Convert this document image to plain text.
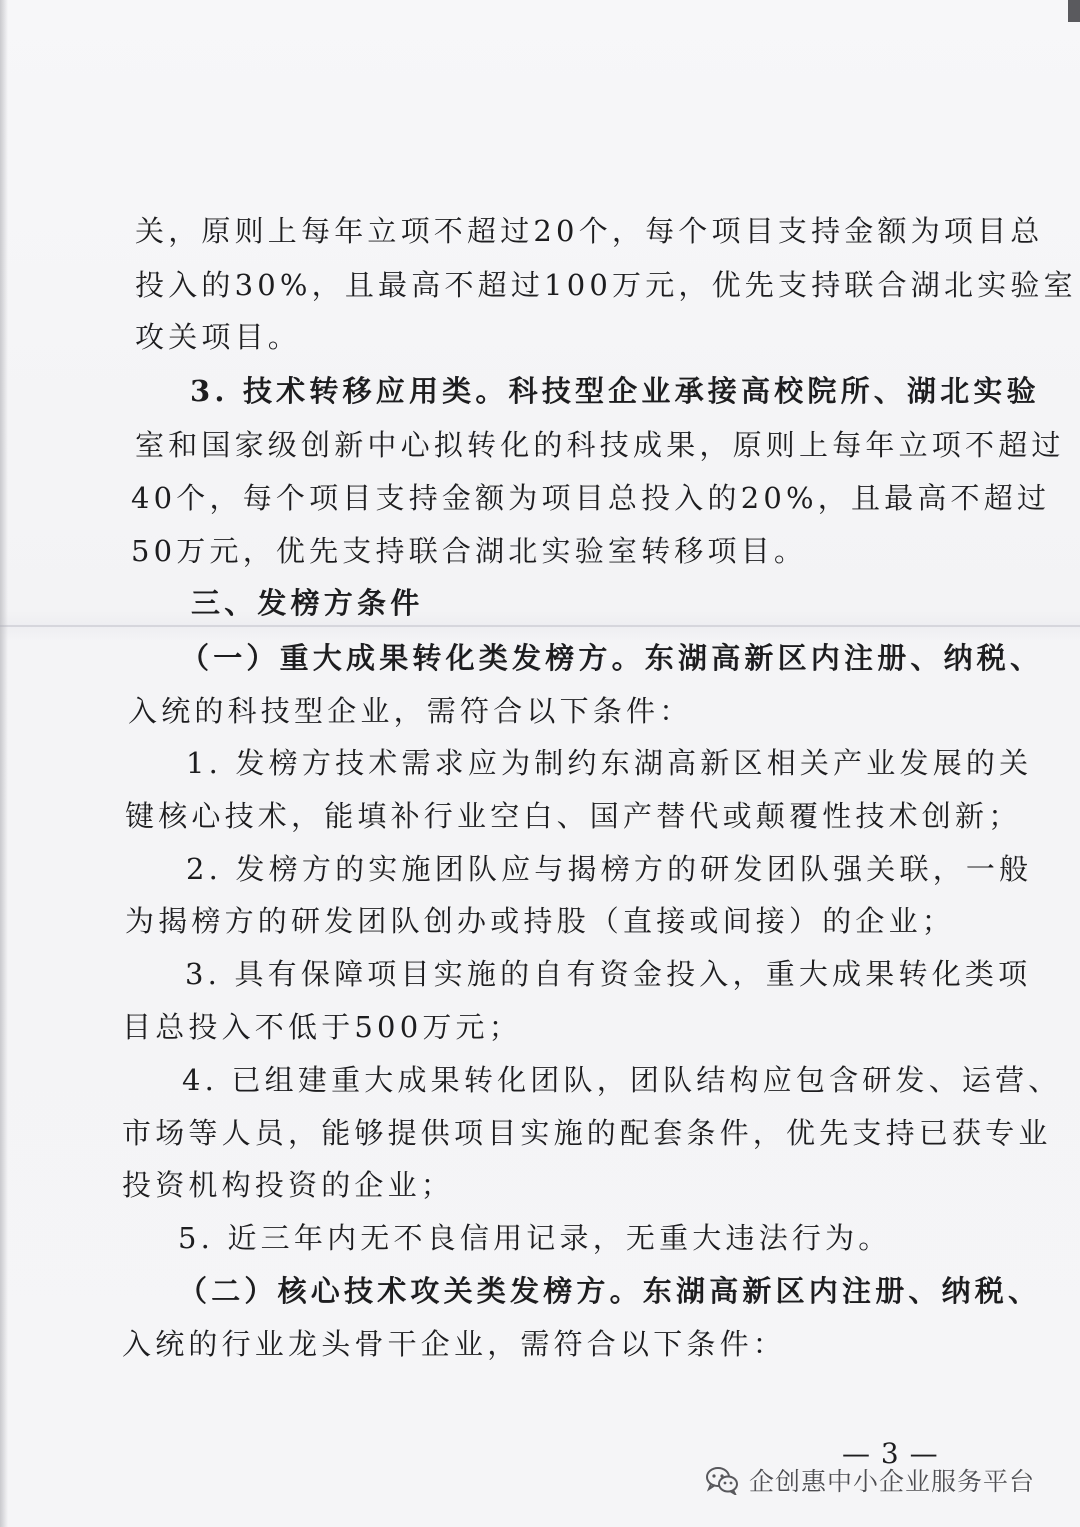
关，原则上每年立项不超过20个，每个项目支持金额为项目总
投入的30%，且最高不超过100万元，优先支持联合湖北实验室
攻关项目。
3. 技术转移应用类。科技型企业承接高校院所、湖北实验
室和国家级创新中心拟转化的科技成果，原则上每年立项不超过
40个，每个项目支持金额为项目总投入的20%，且最高不超过
50万元，优先支持联合湖北实验室转移项目。
三、发榜方条件
（一）重大成果转化类发榜方。东湖高新区内注册、纳税、
入统的科技型企业，需符合以下条件：
1. 发榜方技术需求应为制约东湖高新区相关产业发展的关
键核心技术，能填补行业空白、国产替代或颠覆性技术创新；
2. 发榜方的实施团队应与揭榜方的研发团队强关联，一般
为揭榜方的研发团队创办或持股（直接或间接）的企业；
3. 具有保障项目实施的自有资金投入，重大成果转化类项
目总投入不低于500万元；
4. 已组建重大成果转化团队，团队结构应包含研发、运营、
市场等人员，能够提供项目实施的配套条件，优先支持已获专业
投资机构投资的企业；
5. 近三年内无不良信用记录，无重大违法行为。
（二）核心技术攻关类发榜方。东湖高新区内注册、纳税、
入统的行业龙头骨干企业，需符合以下条件：
— 3 —
企创惠中小企业服务平台
